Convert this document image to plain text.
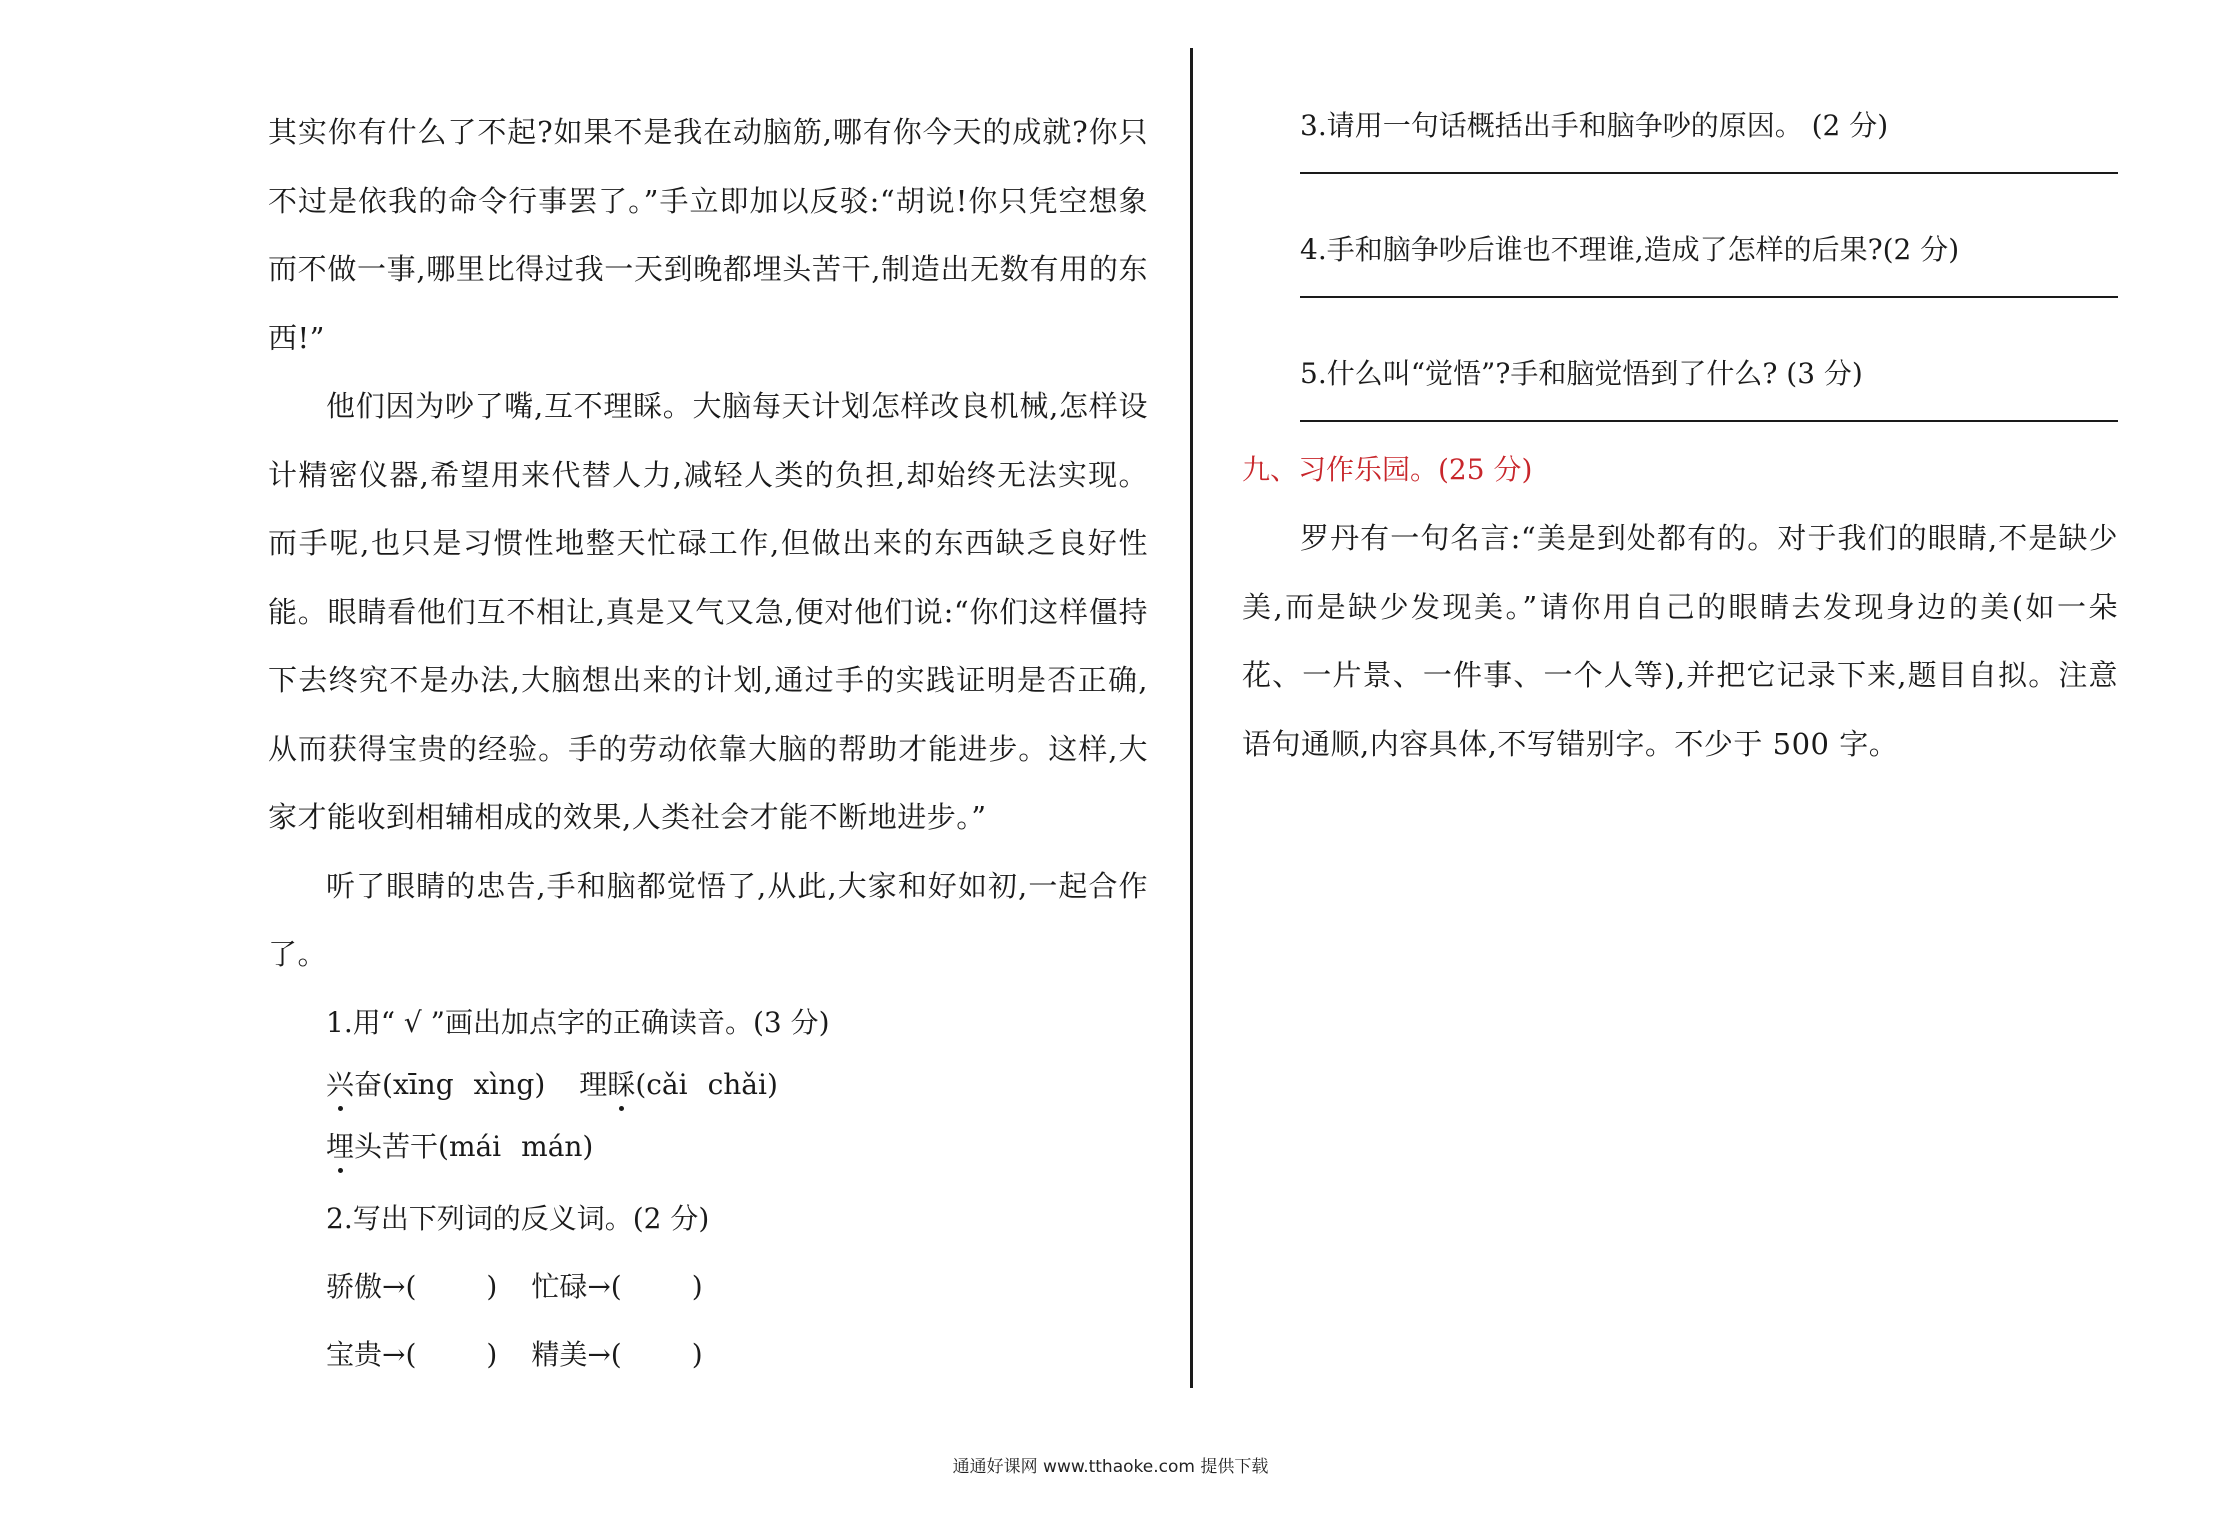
其实你有什么了不起?如果不是我在动脑筋,哪有你今天的成就?你只不过是依我的命令行事罢了。”手立即加以反驳:“胡说!你只凭空想象而不做一事,哪里比得过我一天到晚都埋头苦干,制造出无数有用的东西!”

他们因为吵了嘴,互不理睬。大脑每天计划怎样改良机械,怎样设计精密仪器,希望用来代替人力,减轻人类的负担,却始终无法实现。而手呢,也只是习惯性地整天忙碌工作,但做出来的东西缺乏良好性能。眼睛看他们互不相让,真是又气又急,便对他们说:“你们这样僵持下去终究不是办法,大脑想出来的计划,通过手的实践证明是否正确,从而获得宝贵的经验。手的劳动依靠大脑的帮助才能进步。这样,大家才能收到相辅相成的效果,人类社会才能不断地进步。”

听了眼睛的忠告,手和脑都觉悟了,从此,大家和好如初,一起合作了。

1.用“ √ ”画出加点字的正确读音。(3 分)

兴奋(xīng xìng) 理睬(cǎi chǎi)

埋头苦干(mái mán)

2.写出下列词的反义词。(2 分)

骄傲→(	) 忙碌→(	)

宝贵→(	) 精美→(	)

3.请用一句话概括出手和脑争吵的原因。 (2 分)

4.手和脑争吵后谁也不理谁,造成了怎样的后果?(2 分)

5.什么叫“觉悟”?手和脑觉悟到了什么? (3 分)

九、习作乐园。(25 分)

罗丹有一句名言:“美是到处都有的。对于我们的眼睛,不是缺少美,而是缺少发现美。”请你用自己的眼睛去发现身边的美(如一朵花、一片景、一件事、一个人等),并把它记录下来,题目自拟。注意语句通顺,内容具体,不写错别字。不少于 500 字。

通通好课网 www.tthaoke.com 提供下载
